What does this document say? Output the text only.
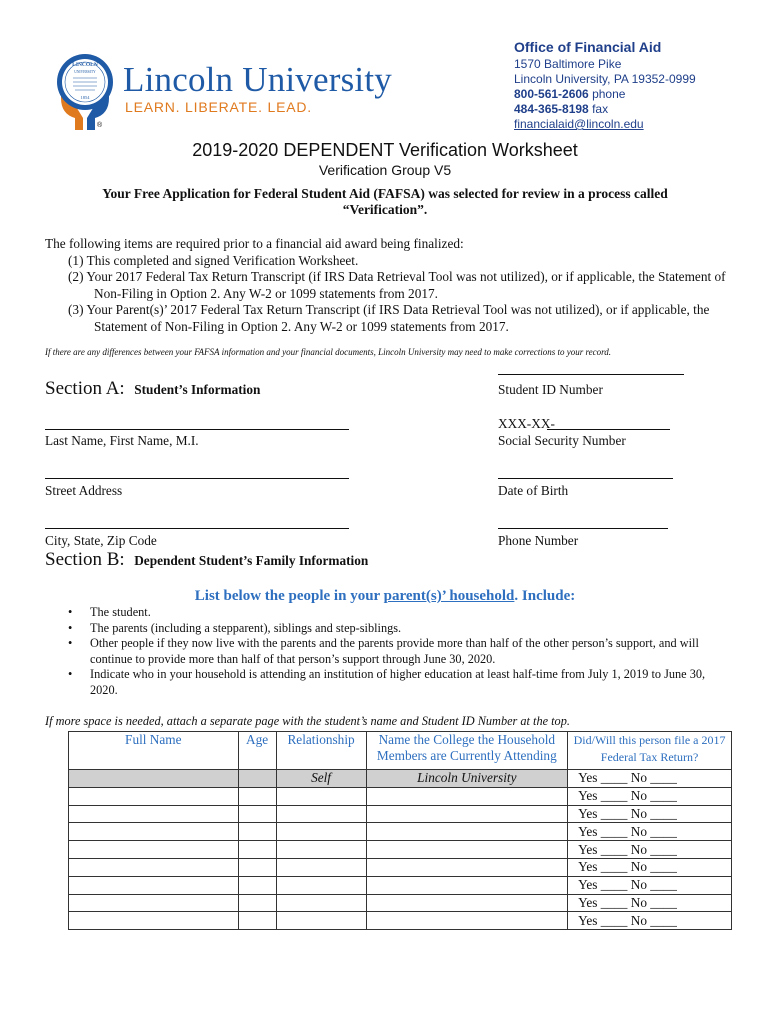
LINCOLN
UNIVERSITY
1854 Lincoln University
LEARN. LIBERATE. LEAD.
®
Office of Financial Aid
1570 Baltimore Pike
Lincoln University, PA 19352-0999
800-561-2606 phone
484-365-8198 fax
financialaid@lincoln.edu
2019-2020 DEPENDENT Verification Worksheet
Verification Group V5
Your Free Application for Federal Student Aid (FAFSA) was selected for review in a process called “Verification”.
The following items are required prior to a financial aid award being finalized:
(1) This completed and signed Verification Worksheet.
(2) Your 2017 Federal Tax Return Transcript (if IRS Data Retrieval Tool was not utilized), or if applicable, the Statement of Non-Filing in Option 2. Any W-2 or 1099 statements from 2017.
(3) Your Parent(s)’ 2017 Federal Tax Return Transcript (if IRS Data Retrieval Tool was not utilized), or if applicable, the Statement of Non-Filing in Option 2. Any W-2 or 1099 statements from 2017.
If there are any differences between your FAFSA information and your financial documents, Lincoln University may need to make corrections to your record.
Section A:  Student’s Information	Student ID Number
XXX-XX-
Last Name, First Name, M.I.	Social Security Number
Street Address	Date of Birth
City, State, Zip Code	Phone Number
Section B:  Dependent Student’s Family Information
List below the people in your parent(s)’ household. Include:
• The student.
• The parents (including a stepparent), siblings and step-siblings.
• Other people if they now live with the parents and the parents provide more than half of the other person’s support, and will continue to provide more than half of that person’s support through June 30, 2020.
• Indicate who in your household is attending an institution of higher education at least half-time from July 1, 2019 to June 30, 2020.
If more space is needed, attach a separate page with the student’s name and Student ID Number at the top.
Full Name	Age	Relationship	Name the College the Household Members are Currently Attending	Did/Will this person file a 2017 Federal Tax Return?
		Self	Lincoln University	Yes ____ No ____
				Yes ____ No ____
				Yes ____ No ____
				Yes ____ No ____
				Yes ____ No ____
				Yes ____ No ____
				Yes ____ No ____
				Yes ____ No ____
				Yes ____ No ____
